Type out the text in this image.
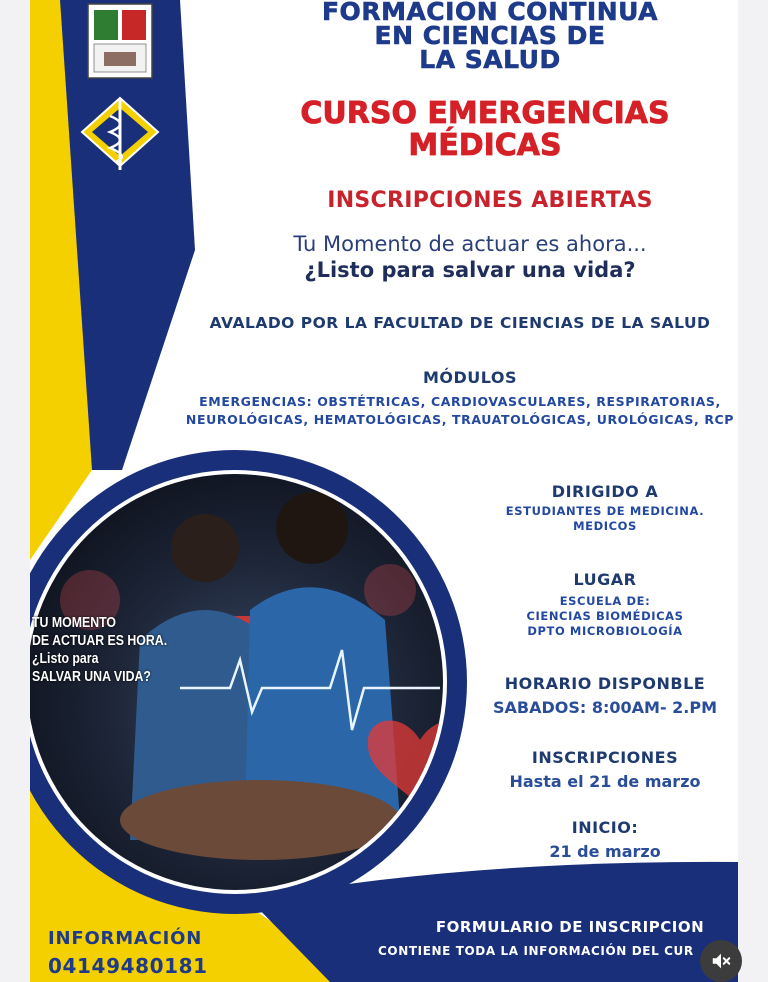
FORMACION CONTINUA
EN CIENCIAS DE
LA SALUD
CURSO EMERGENCIAS
MÉDICAS
INSCRIPCIONES ABIERTAS
Tu Momento de actuar es ahora...
¿Listo para salvar una vida?
AVALADO POR LA FACULTAD DE CIENCIAS DE LA SALUD
MÓDULOS
EMERGENCIAS: OBSTÉTRICAS, CARDIOVASCULARES, RESPIRATORIAS,
NEUROLÓGICAS, HEMATOLÓGICAS, TRAUATOLÓGICAS, UROLÓGICAS, RCP
DIRIGIDO A
ESTUDIANTES DE MEDICINA.
MEDICOS
LUGAR
ESCUELA DE:
CIENCIAS BIOMÉDICAS
DPTO MICROBIOLOGÍA
HORARIO DISPONBLE
SABADOS: 8:00AM- 2.PM
INSCRIPCIONES
Hasta el 21 de marzo
INICIO:
21 de marzo
TU MOMENTO
DE ACTUAR ES HORA.
¿Listo para
SALVAR UNA VIDA?
FORMULARIO DE INSCRIPCION
CONTIENE TODA LA INFORMACIÓN DEL CUR
INFORMACIÓN
04149480181
